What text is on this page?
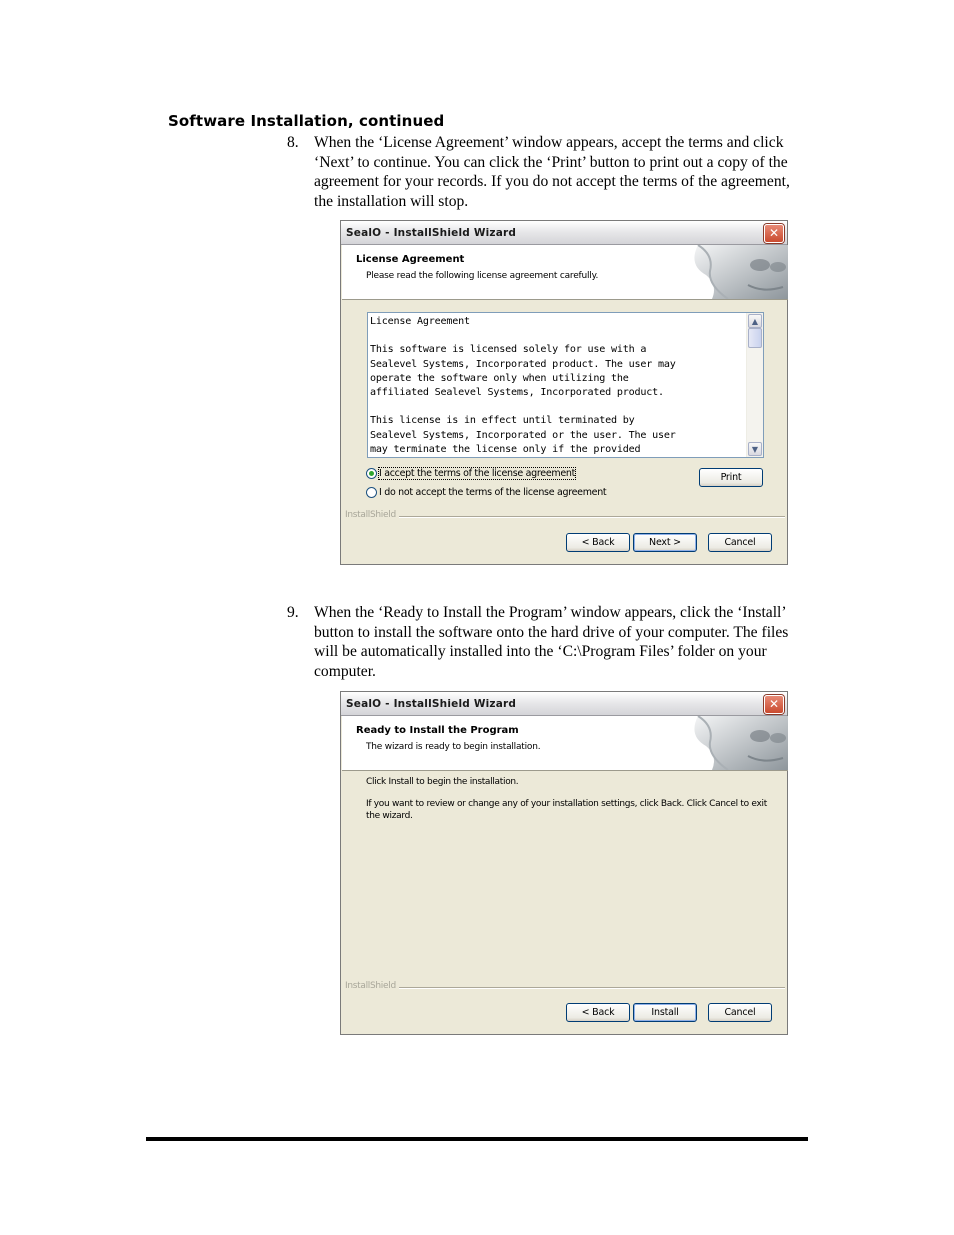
Software Installation, continued
8. When the ‘License Agreement’ window appears, accept the terms and click
‘Next’ to continue. You can click the ‘Print’ button to print out a copy of the
agreement for your records. If you do not accept the terms of the agreement,
the installation will stop.
SealO - InstallShield Wizard	✕
License Agreement
Please read the following license agreement carefully.
License Agreement

This software is licensed solely for use with a
Sealevel Systems, Incorporated product. The user may
operate the software only when utilizing the
affiliated Sealevel Systems, Incorporated product.

This license is in effect until terminated by
Sealevel Systems, Incorporated or the user. The user
may terminate the license only if the provided
▲
▼
I accept the terms of the license agreement
I do not accept the terms of the license agreement
Print
InstallShield
< Back	Next >	Cancel
9. When the ‘Ready to Install the Program’ window appears, click the ‘Install’
button to install the software onto the hard drive of your computer. The files
will be automatically installed into the ‘C:\Program Files’ folder on your
computer.
SealO - InstallShield Wizard	✕
Ready to Install the Program
The wizard is ready to begin installation.
Click Install to begin the installation.
If you want to review or change any of your installation settings, click Back. Click Cancel to exit the wizard.
InstallShield
< Back	Install	Cancel
